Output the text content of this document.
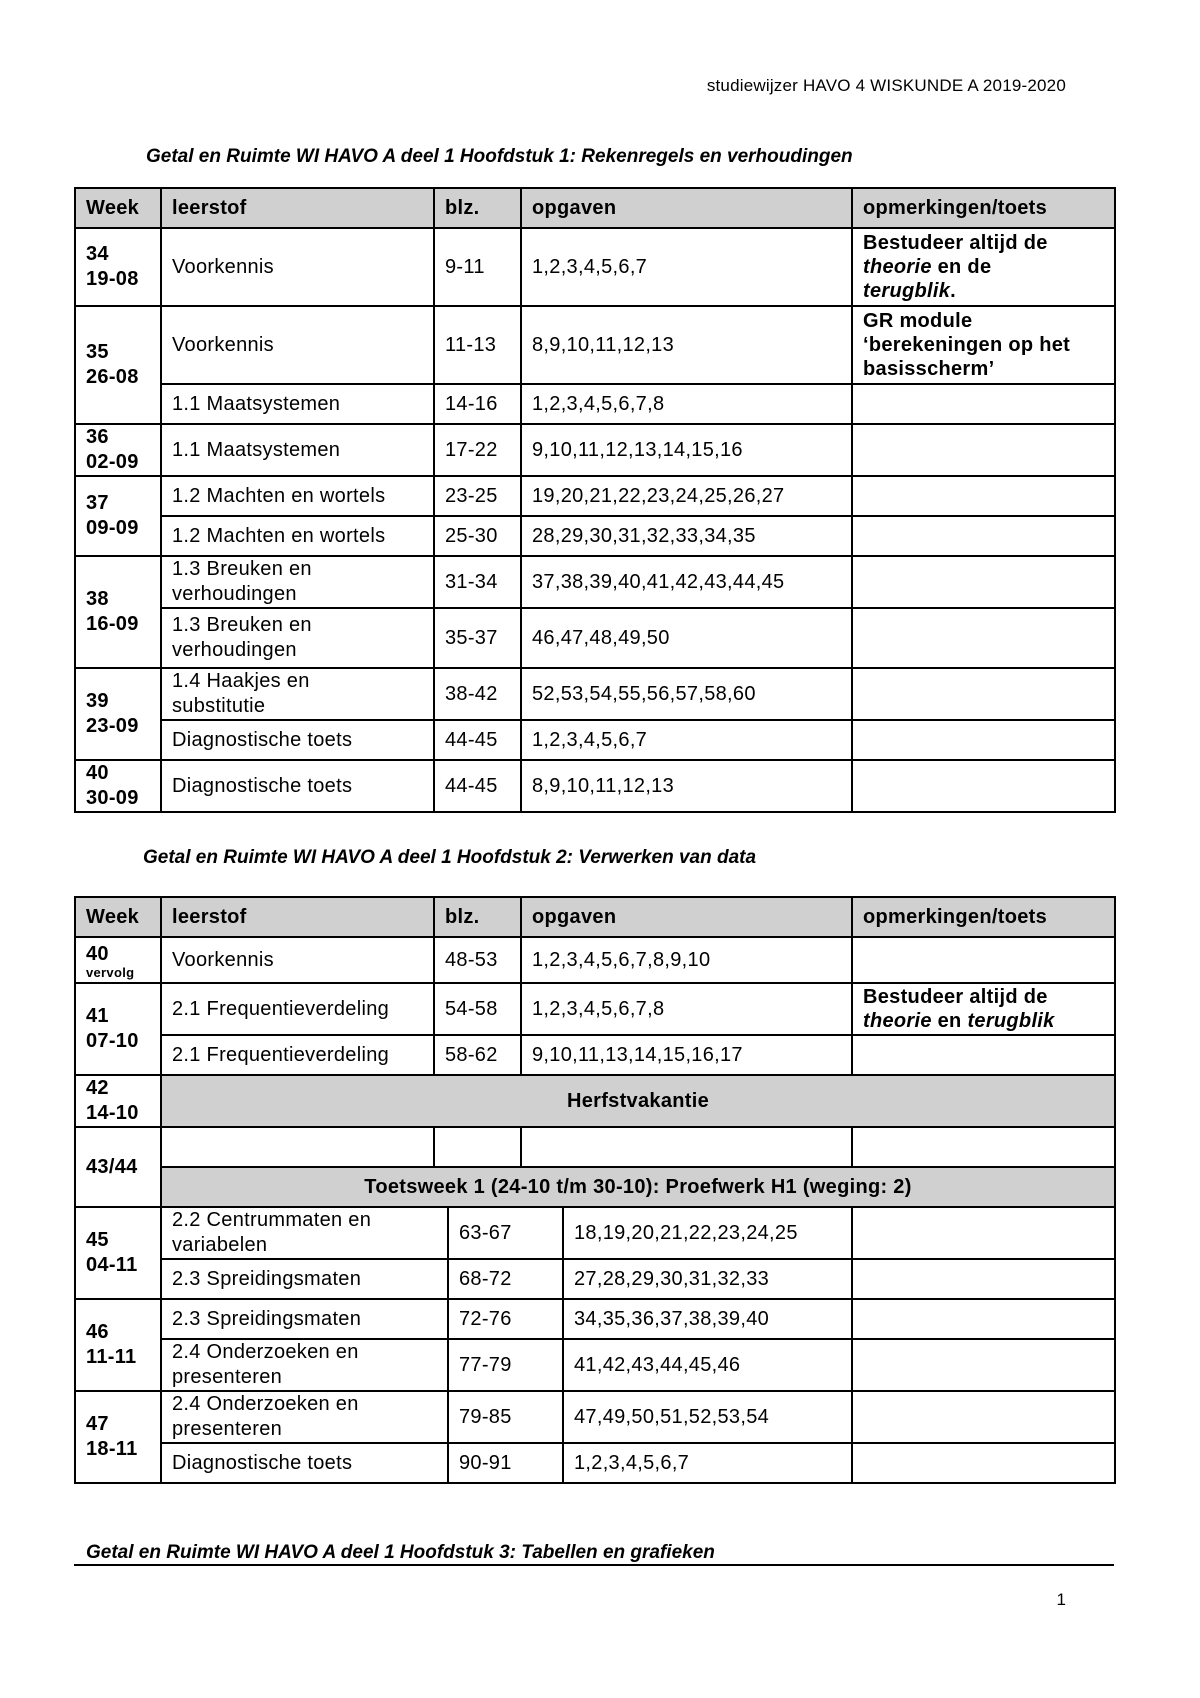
studiewijzer HAVO 4 WISKUNDE A 2019-2020
Getal en Ruimte WI HAVO A deel 1 Hoofdstuk 1: Rekenregels en verhoudingen
Week	leerstof	blz.	opgaven	opmerkingen/toets
34
19-08	Voorkennis	9-11	1,2,3,4,5,6,7	Bestudeer altijd de
theorie en de
terugblik.
35
26-08	Voorkennis	11-13	8,9,10,11,12,13	GR module
‘berekeningen op het
basisscherm’
	1.1 Maatsystemen	14-16	1,2,3,4,5,6,7,8	
36
02-09	1.1 Maatsystemen	17-22	9,10,11,12,13,14,15,16	
37
09-09	1.2 Machten en wortels	23-25	19,20,21,22,23,24,25,26,27	
	1.2 Machten en wortels	25-30	28,29,30,31,32,33,34,35	
38
16-09	1.3 Breuken en
verhoudingen	31-34	37,38,39,40,41,42,43,44,45	
	1.3 Breuken en
verhoudingen	35-37	46,47,48,49,50	
39
23-09	1.4 Haakjes en
substitutie	38-42	52,53,54,55,56,57,58,60	
	Diagnostische toets	44-45	1,2,3,4,5,6,7	
40
30-09	Diagnostische toets	44-45	8,9,10,11,12,13	
Getal en Ruimte WI HAVO A deel 1 Hoofdstuk 2: Verwerken van data
Week	leerstof	blz.	opgaven	opmerkingen/toets
40
vervolg	Voorkennis	48-53	1,2,3,4,5,6,7,8,9,10	
41
07-10	2.1 Frequentieverdeling	54-58	1,2,3,4,5,6,7,8	Bestudeer altijd de
theorie en terugblik
	2.1 Frequentieverdeling	58-62	9,10,11,13,14,15,16,17	
42
14-10	Herfstvakantie			
43/44				
	Toetsweek 1 (24-10 t/m 30-10): Proefwerk H1 (weging: 2)			
45
04-11	2.2 Centrummaten en
variabelen	63-67	18,19,20,21,22,23,24,25	
	2.3 Spreidingsmaten	68-72	27,28,29,30,31,32,33	
46
11-11	2.3 Spreidingsmaten	72-76	34,35,36,37,38,39,40	
	2.4 Onderzoeken en
presenteren	77-79	41,42,43,44,45,46	
47
18-11	2.4 Onderzoeken en
presenteren	79-85	47,49,50,51,52,53,54	
	Diagnostische toets	90-91	1,2,3,4,5,6,7	
Getal en Ruimte WI HAVO A deel 1 Hoofdstuk 3: Tabellen en grafieken
1
